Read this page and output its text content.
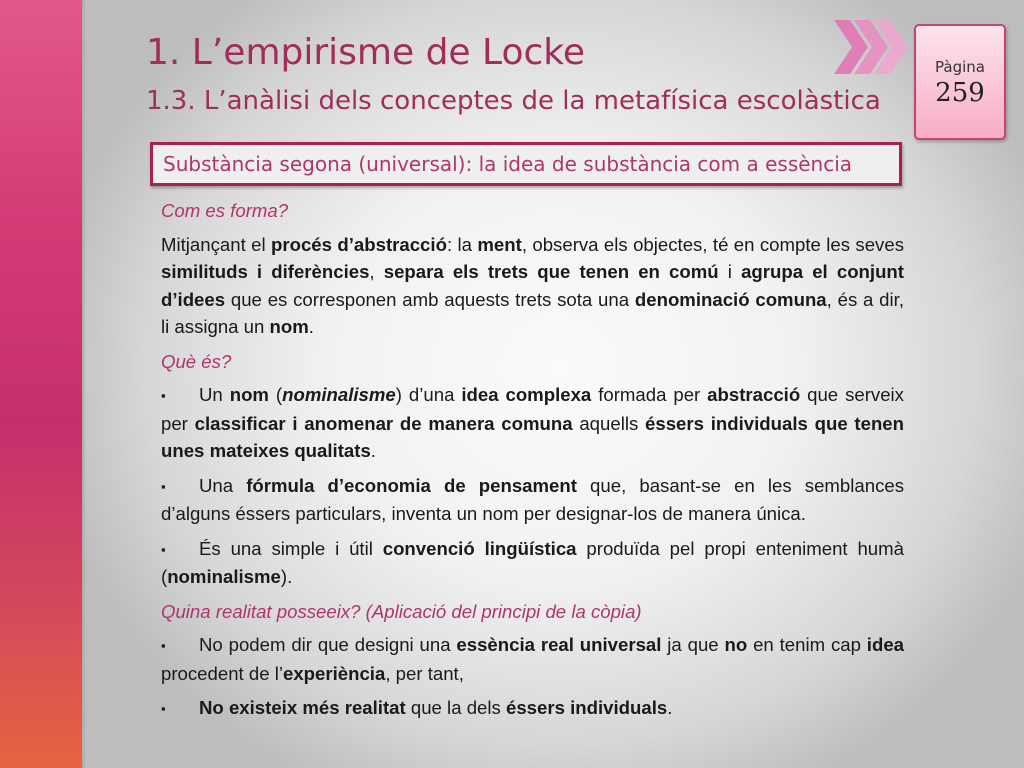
Pàgina
259
1. L’empirisme de Locke
1.3. L’anàlisi dels conceptes de la metafísica escolàstica
Substància segona (universal): la idea de substància com a essència

Com es forma?

Mitjançant el procés d’abstracció: la ment, observa els objectes, té en compte les seves similituds i diferències, separa els trets que tenen en comú i agrupa el conjunt d’idees que es corresponen amb aquests trets sota una denominació comuna, és a dir, li assigna un nom.

Què és?

▪ Un nom (nominalisme) d’una idea complexa formada per abstracció que serveix per classificar i anomenar de manera comuna aquells éssers individuals que tenen unes mateixes qualitats.

▪ Una fórmula d’economia de pensament que, basant-se en les semblances d’alguns éssers particulars, inventa un nom per designar-los de manera única.

▪ És una simple i útil convenció lingüística produïda pel propi enteniment humà (nominalisme).

Quina realitat posseeix? (Aplicació del principi de la còpia)

▪ No podem dir que designi una essència real universal ja que no en tenim cap idea procedent de l’experiència, per tant,

▪ No existeix més realitat que la dels éssers individuals.
